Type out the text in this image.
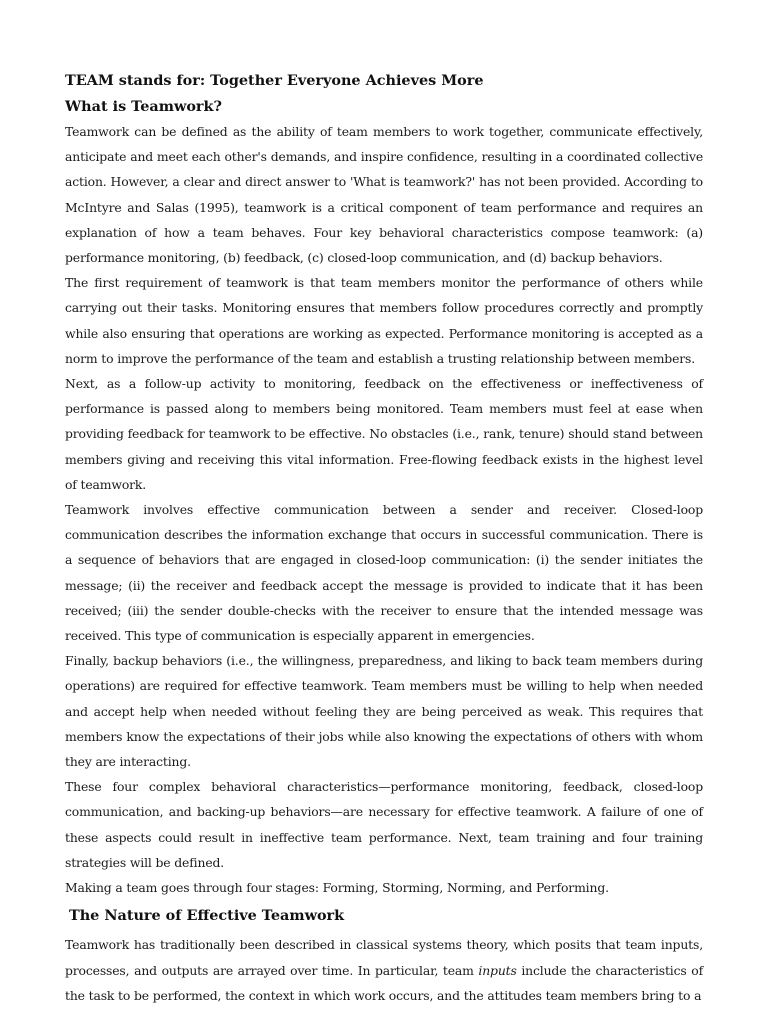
TEAM stands for: Together Everyone Achieves More
What is Teamwork?

Teamwork can be defined as the ability of team members to work together, communicate effectively, anticipate and meet each other's demands, and inspire confidence, resulting in a coordinated collective action. However, a clear and direct answer to 'What is teamwork?' has not been provided. According to McIntyre and Salas (1995), teamwork is a critical component of team performance and requires an explanation of how a team behaves. Four key behavioral characteristics compose teamwork: (a) performance monitoring, (b) feedback, (c) closed-loop communication, and (d) backup behaviors.

The first requirement of teamwork is that team members monitor the performance of others while carrying out their tasks. Monitoring ensures that members follow procedures correctly and promptly while also ensuring that operations are working as expected. Performance monitoring is accepted as a norm to improve the performance of the team and establish a trusting relationship between members.

Next, as a follow-up activity to monitoring, feedback on the effectiveness or ineffectiveness of performance is passed along to members being monitored. Team members must feel at ease when providing feedback for teamwork to be effective. No obstacles (i.e., rank, tenure) should stand between members giving and receiving this vital information. Free-flowing feedback exists in the highest level of teamwork.

Teamwork involves effective communication between a sender and receiver. Closed-loop communication describes the information exchange that occurs in successful communication. There is a sequence of behaviors that are engaged in closed-loop communication: (i) the sender initiates the message; (ii) the receiver and feedback accept the message is provided to indicate that it has been received; (iii) the sender double-checks with the receiver to ensure that the intended message was received. This type of communication is especially apparent in emergencies.

Finally, backup behaviors (i.e., the willingness, preparedness, and liking to back team members during operations) are required for effective teamwork. Team members must be willing to help when needed and accept help when needed without feeling they are being perceived as weak. This requires that members know the expectations of their jobs while also knowing the expectations of others with whom they are interacting.

These four complex behavioral characteristics—performance monitoring, feedback, closed-loop communication, and backing-up behaviors—are necessary for effective teamwork. A failure of one of these aspects could result in ineffective team performance. Next, team training and four training strategies will be defined.

Making a team goes through four stages: Forming, Storming, Norming, and Performing.

The Nature of Effective Teamwork

Teamwork has traditionally been described in classical systems theory, which posits that team inputs, processes, and outputs are arrayed over time. In particular, team inputs include the characteristics of the task to be performed, the context in which work occurs, and the attitudes team members bring to a
